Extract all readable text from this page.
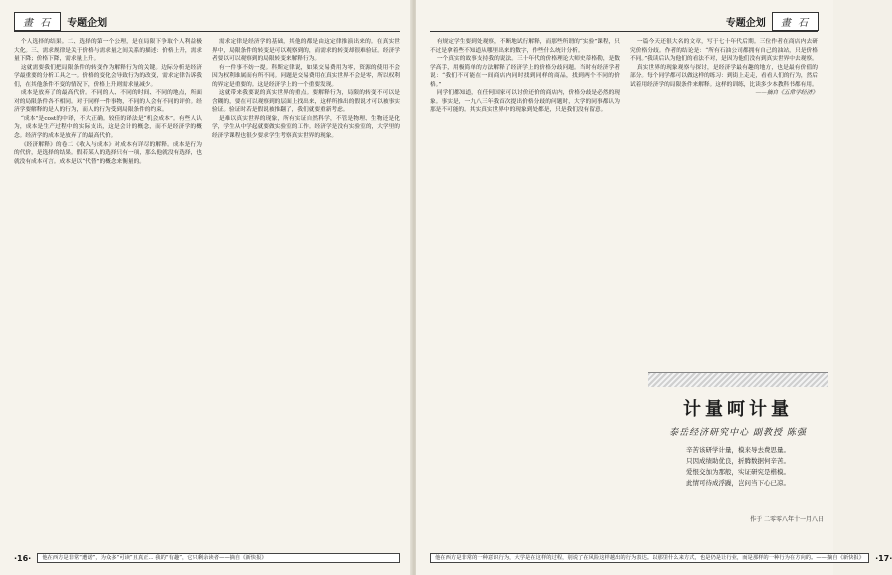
畫 石	专题企划

个人选择的结果。二、选择的第一个公理，是在局限下争取个人利益极大化。三、需求规律是关于价格与需求量之间关系的描述：价格上升，需求量下降；价格下降，需求量上升。

这就需要我们把局限条件的转变作为解释行为的关键。边际分析是经济学最重要的分析工具之一。价格的变化会导致行为的改变，需求定律告诉我们，在其他条件不变的情况下，价格上升则需求量减少。

成本是放弃了的最高代价。不同的人、不同的时间、不同的地点，所面对的局限条件各不相同。对于同样一件事物，不同的人会有不同的评价。经济学要解释的是人的行为，而人的行为受到局限条件的约束。

“成本”是cost的中译，不大正确。较佳的译法是“机会成本”。有些人认为，成本是生产过程中的实际支出，这是会计的概念，而不是经济学的概念。经济学的成本是放弃了的最高代价。

《经济解释》的卷二《收入与成本》对成本有详尽的解释。成本是行为的代价，是选择的结果。假若某人的选择只有一项，那么他就没有选择，也就没有成本可言。成本是以“代替”的概念来衡量的。

需求定律是经济学的基础，其他的都是由这定律推演出来的。在真实世界中，局限条件的转变是可以观察到的，而需求的转变却很难验证。经济学者要以可以观察到的局限转变来解释行为。

有一件事不妨一提。科斯定律说，如果交易费用为零，资源的使用不会因为权利谁属而有所不同。问题是交易费用在真实世界不会是零，所以权利的界定是重要的。这是经济学上的一个重要发现。

这就带来我要说的真实世界的重点。要解释行为，局限的转变不可以是含糊的，要在可以观察到的层面上找出来，这样所推出的假说才可以被事实验证。验证时若是假说被推翻了，我们就要重新考虑。

是难以真实世界的现象，所有实证自然科学，不管是物理、生物还是化学，学生从中学起就要做实验室的工作。经济学是没有实验室的，大学里的经济学课程也很少要求学生考察真实世界的现象。

·16·	他在西方是非常“遭诺”，为众多“可读”且真正... 我的“有趣”，它只剩余读者——摘自《新快报》
专题企划	畫 石

有规定学生要到处观察，不断地试行解释，而那些所谓的“实验”课程，只不过是拿着些不知道从哪里出来的数字，作些什么统计分析。

一个真实的故事支持我的说法。三十年代的价格理论大师史蒂格勒，是数学高手，用极简单的方法解释了经济学上的价格分歧问题。当时有经济学者说：“我们不可能在一间商店内同时找到同样的商品，找到两个不同的价格。”

同学们都知道，在任何国家可以讨价还价的商店内，价格分歧是必然的现象。事实是，一九八三年我首次提出价格分歧的问题时，大学的同事都认为那是不可能的。其实真实世界中的现象到处都是，只是我们没有留意。

一篇今天还很大名的文章，写于七十年代后期。三位作者在商店内去研究价格分歧。作者的结论是：“所有石油公司都拥有自己的油站，只是价格不同。”我读后认为他们的看法不对，是因为他们没有到真实世界中去观察。

真实世界的现象观察与探讨，是经济学最有趣的地方，也是最有价值的部分。每个同学都可以做这样的练习：到街上走走，看看人们的行为，然后试着用经济学的局限条件来解释。这样的训练，比读多少本教科书都有用。

——摘自《五常学经济》

计量呵计量
泰岳经济研究中心 副教授 陈强
辛苦该研学计量，模来导去费思量。
只因成绩助优良，折腾数据何辛苦。
爱恨交加为那般，实证研究是楷模。
此情可待成浮躁，岂问当下心已凉。
作于 二零零八年十一月八日
他在西方是非常的一种意识行为，大学是在这样的过程，别说了在风险这样越出的行为表达。以那里什么来方式，也是仍是让行业，而是那样的一种行为在方向的。——摘自《新快报》	·17·
